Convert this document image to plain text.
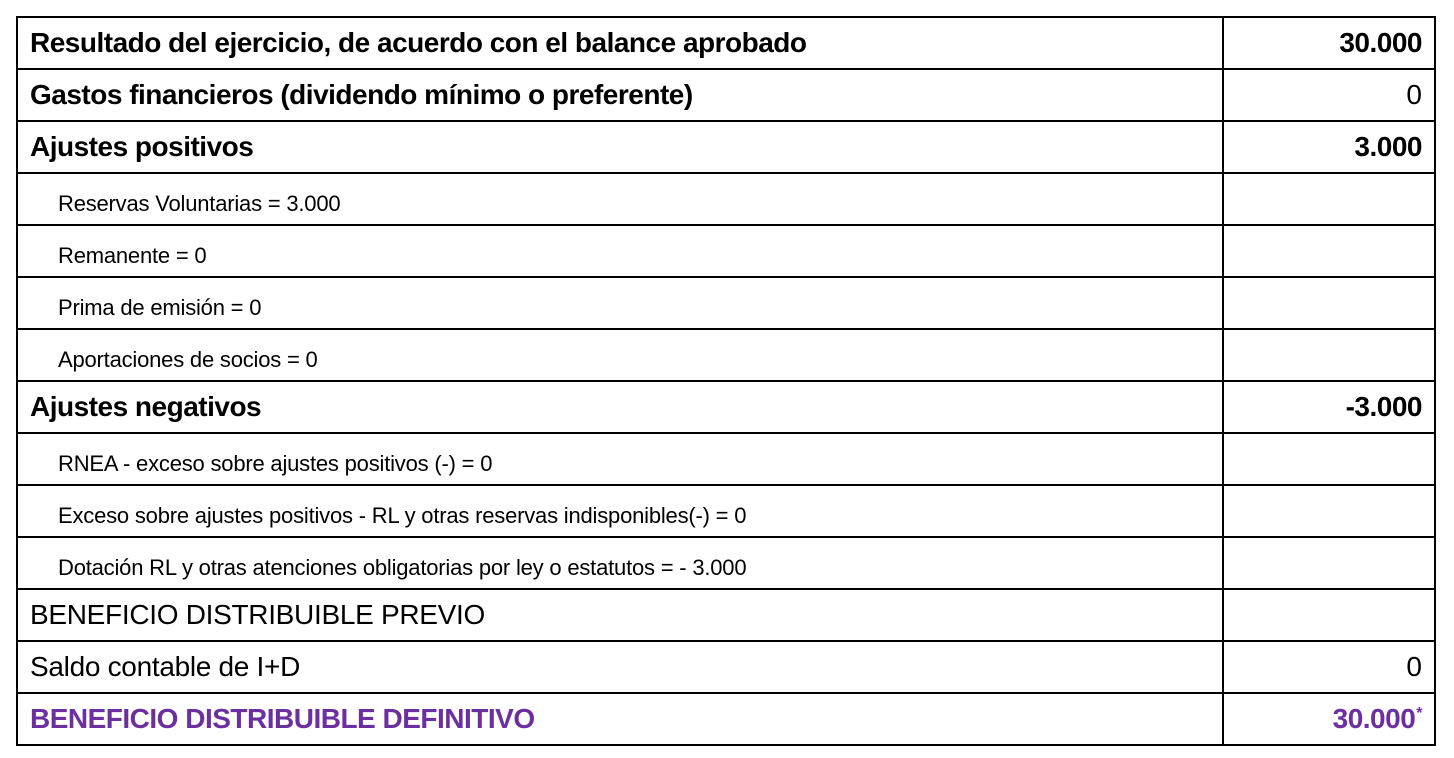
Resultado del ejercicio, de acuerdo con el balance aprobado	30.000
Gastos financieros (dividendo mínimo o preferente)	0
Ajustes positivos	3.000
Reservas Voluntarias = 3.000	
Remanente = 0	
Prima de emisión = 0	
Aportaciones de socios = 0	
Ajustes negativos	-3.000
RNEA - exceso sobre ajustes positivos (-) = 0	
Exceso sobre ajustes positivos - RL y otras reservas indisponibles(-) = 0	
Dotación RL y otras atenciones obligatorias por ley o estatutos = - 3.000	
BENEFICIO DISTRIBUIBLE PREVIO	
Saldo contable de I+D	0
BENEFICIO DISTRIBUIBLE DEFINITIVO	30.000*
